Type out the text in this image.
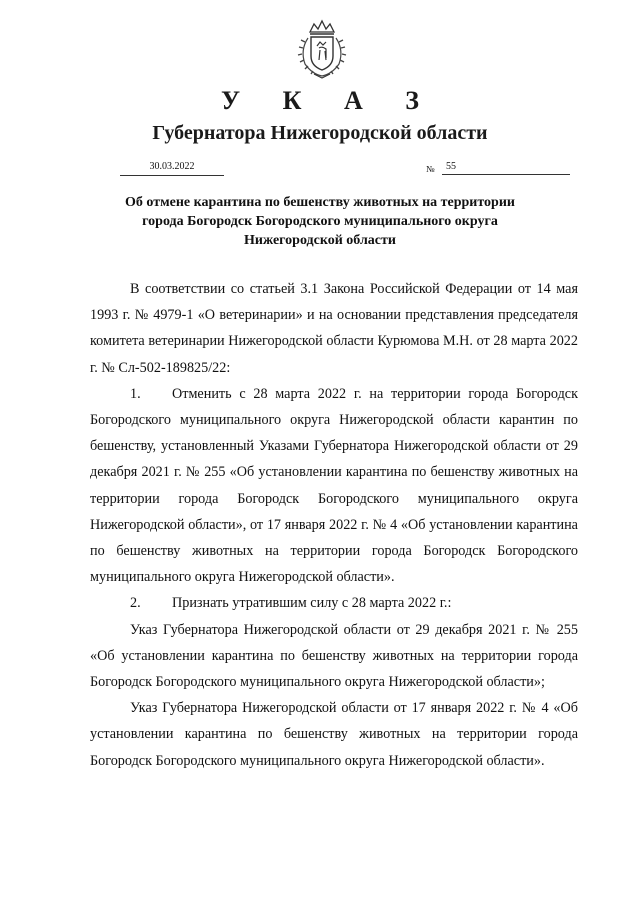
У К А З
Губернатора Нижегородской области
30.03.2022	№	55
Об отмене карантина по бешенству животных на территории
города Богородск Богородского муниципального округа
Нижегородской области

В соответствии со статьей 3.1 Закона Российской Федерации от 14 мая 1993 г. № 4979-1 «О ветеринарии» и на основании представления председателя комитета ветеринарии Нижегородской области Курюмова М.Н. от 28 марта 2022 г. № Сл-502-189825/22:

1. Отменить с 28 марта 2022 г. на территории города Богородск Богородского муниципального округа Нижегородской области карантин по бешенству, установленный Указами Губернатора Нижегородской области от 29 декабря 2021 г. № 255 «Об установлении карантина по бешенству животных на территории города Богородск Богородского муниципального округа Нижегородской области», от 17 января 2022 г. № 4 «Об установлении карантина по бешенству животных на территории города Богородск Богородского муниципального округа Нижегородской области».

2. Признать утратившим силу с 28 марта 2022 г.:

Указ Губернатора Нижегородской области от 29 декабря 2021 г. № 255 «Об установлении карантина по бешенству животных на территории города Богородск Богородского муниципального округа Нижегородской области»;

Указ Губернатора Нижегородской области от 17 января 2022 г. № 4 «Об установлении карантина по бешенству животных на территории города Богородск Богородского муниципального округа Нижегородской области».
